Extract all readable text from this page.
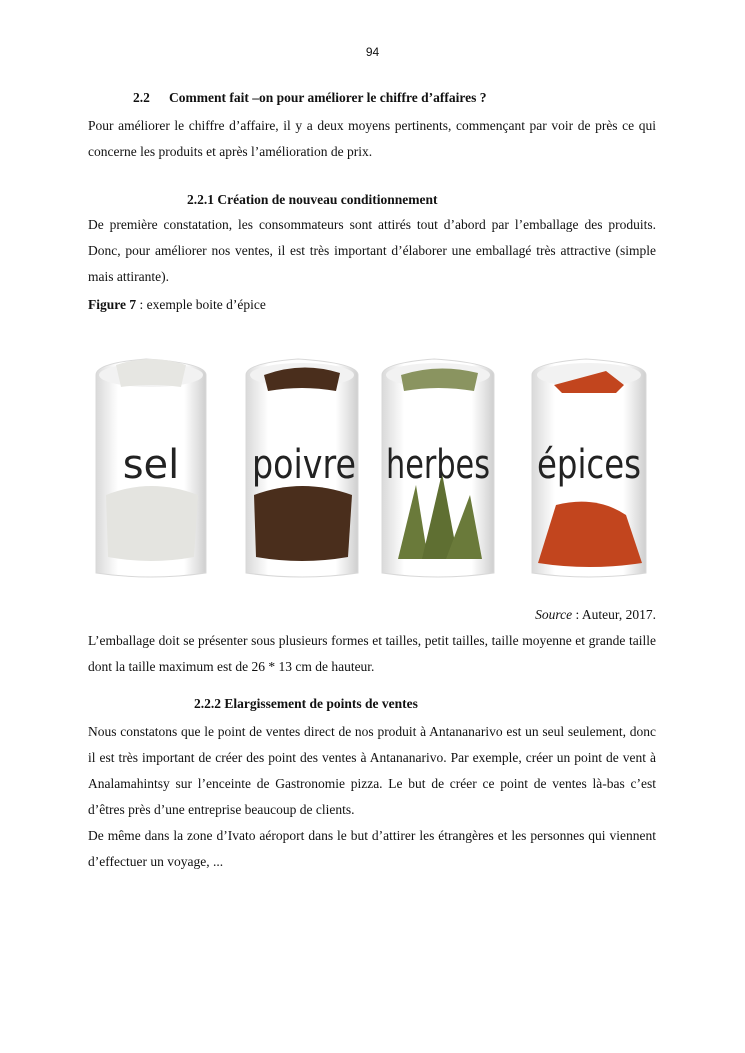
94
2.2 Comment fait –on pour améliorer le chiffre d’affaires ?
Pour améliorer le chiffre d’affaire, il y a deux moyens pertinents, commençant par voir de près ce qui concerne les produits et après l’amélioration de prix.
2.2.1 Création de nouveau conditionnement
De première constatation, les consommateurs sont attirés tout d’abord par l’emballage des produits. Donc, pour améliorer nos ventes, il est très important d’élaborer une emballagé très attractive (simple mais attirante).
Figure 7 : exemple boite d’épice
sel poivre herbes épices
Source : Auteur, 2017.
L’emballage doit se présenter sous plusieurs formes et tailles, petit tailles, taille moyenne et grande taille dont la taille maximum est de 26 * 13 cm de hauteur.
2.2.2 Elargissement de points de ventes
Nous constatons que le point de ventes direct de nos produit à Antananarivo est un seul seulement, donc il est très important de créer des point des ventes à Antananarivo. Par exemple, créer un point de vent à Analamahintsy sur l’enceinte de Gastronomie pizza. Le but de créer ce point de ventes là-bas c’est d’êtres près d’une entreprise beaucoup de clients.
De même dans la zone d’Ivato aéroport dans le but d’attirer les étrangères et les personnes qui viennent d’effectuer un voyage, ...
